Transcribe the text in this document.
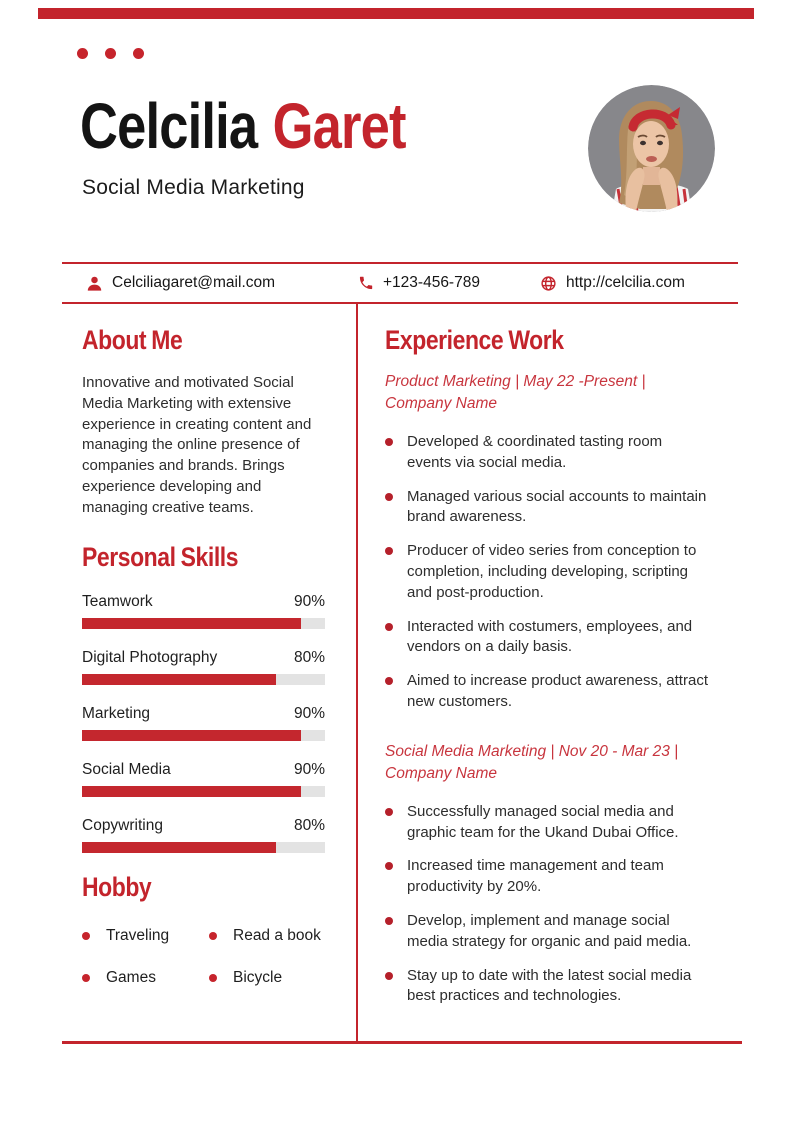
Celcilia Garet
Social Media Marketing
Celciliagaret@mail.com	+123-456-789	http://celcilia.com
About Me

Innovative and motivated Social Media Marketing with extensive experience in creating content and managing the online presence of companies and brands. Brings experience developing and managing creative teams.

Personal Skills
Teamwork	90%
Digital Photography	80%
Marketing	90%
Social Media	90%
Copywriting	80%
Hobby
Traveling	Read a book
Games	Bicycle
Experience Work
Product Marketing | May 22 -Present |
Company Name
Developed & coordinated tasting room events via social media.
Managed various social accounts to maintain brand awareness.
Producer of video series from conception to completion, including developing, scripting and post-production.
Interacted with costumers, employees, and vendors on a daily basis.
Aimed to increase product awareness, attract new customers.
Social Media Marketing | Nov 20 - Mar 23 |
Company Name
Successfully managed social media and graphic team for the Ukand Dubai Office.
Increased time management and team productivity by 20%.
Develop, implement and manage social media strategy for organic and paid media.
Stay up to date with the latest social media best practices and technologies.
